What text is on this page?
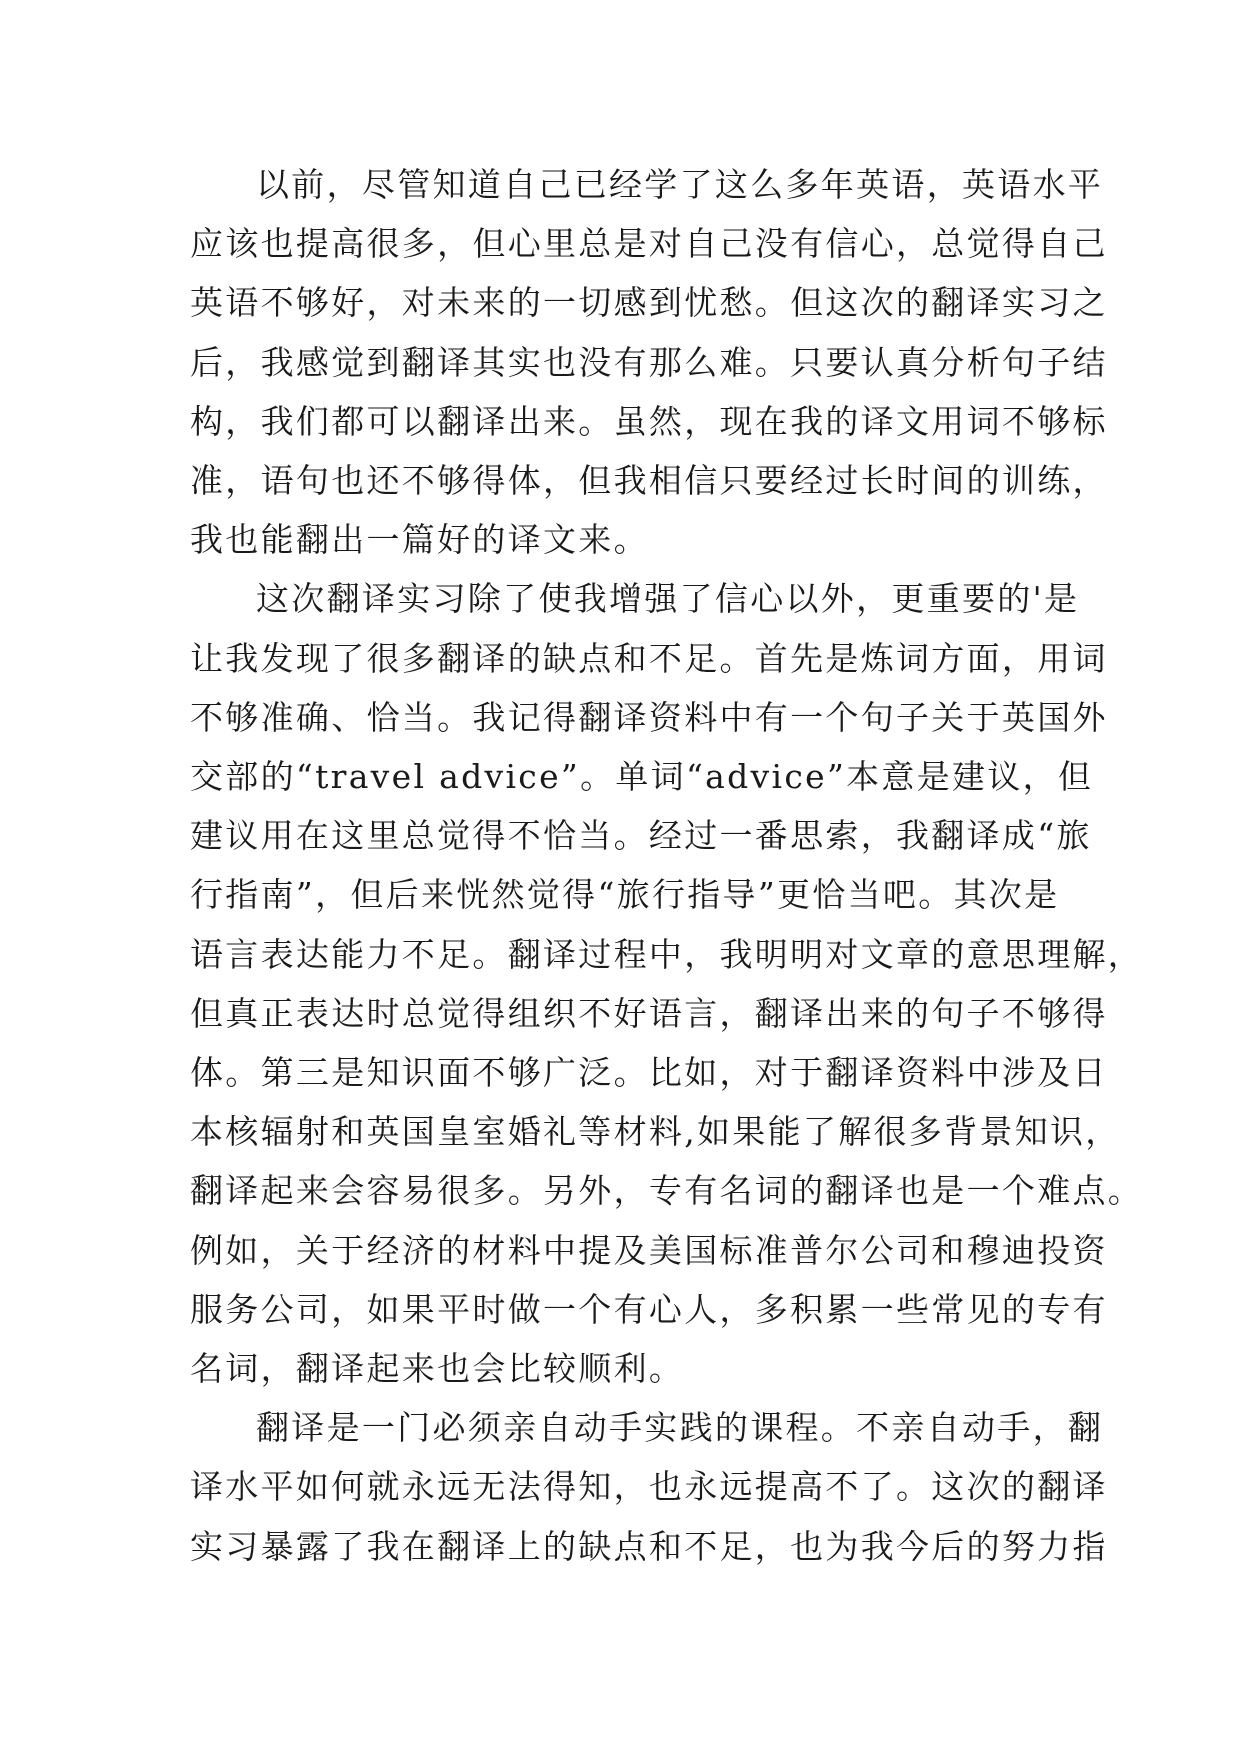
以前，尽管知道自己已经学了这么多年英语，英语水平
应该也提高很多，但心里总是对自己没有信心，总觉得自己
英语不够好，对未来的一切感到忧愁。但这次的翻译实习之
后，我感觉到翻译其实也没有那么难。只要认真分析句子结
构，我们都可以翻译出来。虽然，现在我的译文用词不够标
准，语句也还不够得体，但我相信只要经过长时间的训练，
我也能翻出一篇好的译文来。

这次翻译实习除了使我增强了信心以外，更重要的'是
让我发现了很多翻译的缺点和不足。首先是炼词方面，用词
不够准确、恰当。我记得翻译资料中有一个句子关于英国外
交部的“travel advice”。单词“advice”本意是建议，但
建议用在这里总觉得不恰当。经过一番思索，我翻译成“旅
行指南”，但后来恍然觉得“旅行指导”更恰当吧。其次是
语言表达能力不足。翻译过程中，我明明对文章的意思理解，
但真正表达时总觉得组织不好语言，翻译出来的句子不够得
体。第三是知识面不够广泛。比如，对于翻译资料中涉及日
本核辐射和英国皇室婚礼等材料,如果能了解很多背景知识，
翻译起来会容易很多。另外，专有名词的翻译也是一个难点。
例如，关于经济的材料中提及美国标准普尔公司和穆迪投资
服务公司，如果平时做一个有心人，多积累一些常见的专有
名词，翻译起来也会比较顺利。

翻译是一门必须亲自动手实践的课程。不亲自动手，翻
译水平如何就永远无法得知，也永远提高不了。这次的翻译
实习暴露了我在翻译上的缺点和不足，也为我今后的努力指
